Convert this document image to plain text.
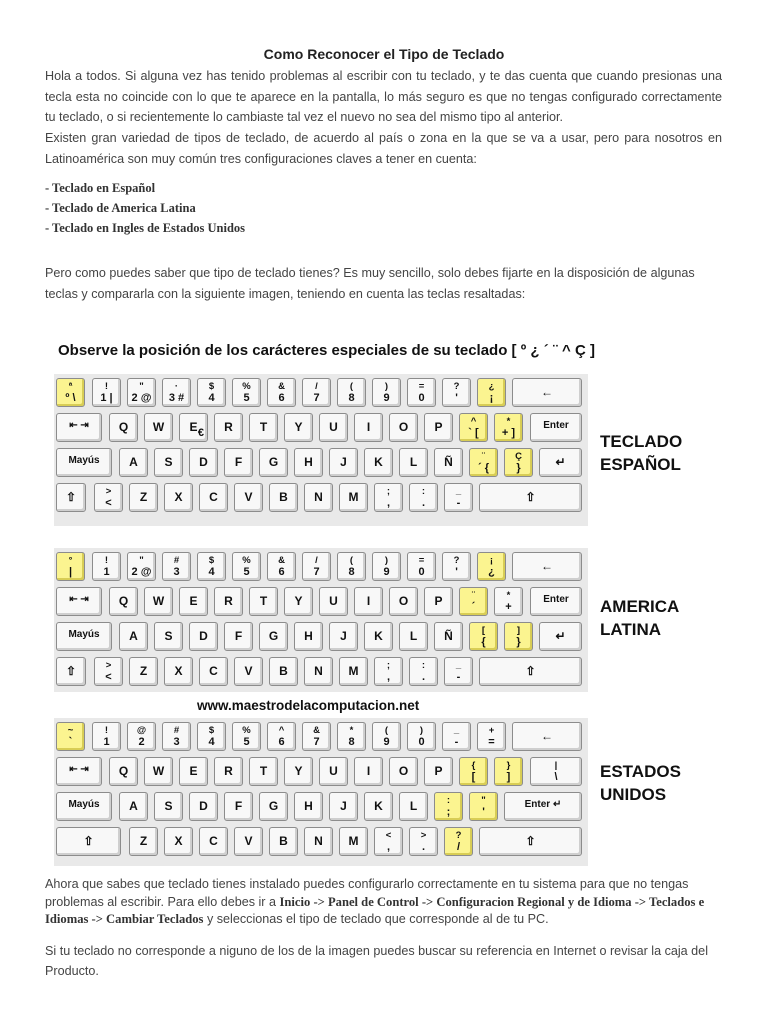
Como Reconocer el Tipo de Teclado
Hola a todos. Si alguna vez has tenido problemas al escribir con tu teclado, y te das cuenta que cuando presionas una tecla esta no coincide con lo que te aparece en la pantalla, lo más seguro es que no tengas configurado correctamente tu teclado, o si recientemente lo cambiaste tal vez el nuevo no sea del mismo tipo al anterior.
Existen gran variedad de tipos de teclado, de acuerdo al país o zona en la que se va a usar, pero para nosotros en Latinoamérica son muy común tres configuraciones claves a tener en cuenta:
- Teclado en Español
- Teclado de America Latina
- Teclado en Ingles de Estados Unidos
Pero como puedes saber que tipo de teclado tienes? Es muy sencillo, solo debes fijarte en la disposición de algunas teclas y compararla con la siguiente imagen, teniendo en cuenta las teclas resaltadas:
Observe la posición de los carácteres especiales de su teclado [ º ¿ ´ ¨ ^ Ç ]
ª
º \
!
1 |
"
2 @
·
3 #
$
4
%
5
&
6
/
7
(
8
)
9
=
0
?
'
¿
¡	←
⇤ ⇥	Q	W	E €	R	T	Y	U	I	O	P	^
` [
*
+ ]
Enter
Mayús	A	S	D	F	G	H	J	K	L	Ñ	¨
´ {
Ç
}	↵
⇧	>
<	Z	X	C	V	B	N	M	;
,
:
.
_
-	⇧
TECLADO
ESPAÑOL
°
|
!
1
"
2 @
#
3
$
4
%
5
&
6
/
7
(
8
)
9
=
0
?
'
¡
¿	←
⇤ ⇥	Q	W	E	R	T	Y	U	I	O	P	¨
´
*
+
Enter
Mayús	A	S	D	F	G	H	J	K	L	Ñ	[
{
]
}	↵
⇧	>
<	Z	X	C	V	B	N	M	;
,
:
.
_
-	⇧
AMERICA
LATINA
www.maestrodelacomputacion.net
~
`
!
1
@
2
#
3
$
4
%
5
^
6
&
7
*
8
(
9
)
0
_
-
+
=	←
⇤ ⇥	Q	W	E	R	T	Y	U	I	O	P	{
[
}
]
|
\
Mayús	A	S	D	F	G	H	J	K	L	:
;
"
'
Enter ↵
⇧	Z	X	C	V	B	N	M	<
,
>
.
?
/	⇧
ESTADOS
UNIDOS
Ahora que sabes que teclado tienes instalado puedes configurarlo correctamente en tu sistema para que no tengas problemas al escribir. Para ello debes ir a Inicio -> Panel de Control -> Configuracion Regional y de Idioma -> Teclados e Idiomas -> Cambiar Teclados y seleccionas el tipo de teclado que corresponde al de tu PC.
Si tu teclado no corresponde a niguno de los de la imagen puedes buscar su referencia en Internet o revisar la caja del Producto.
